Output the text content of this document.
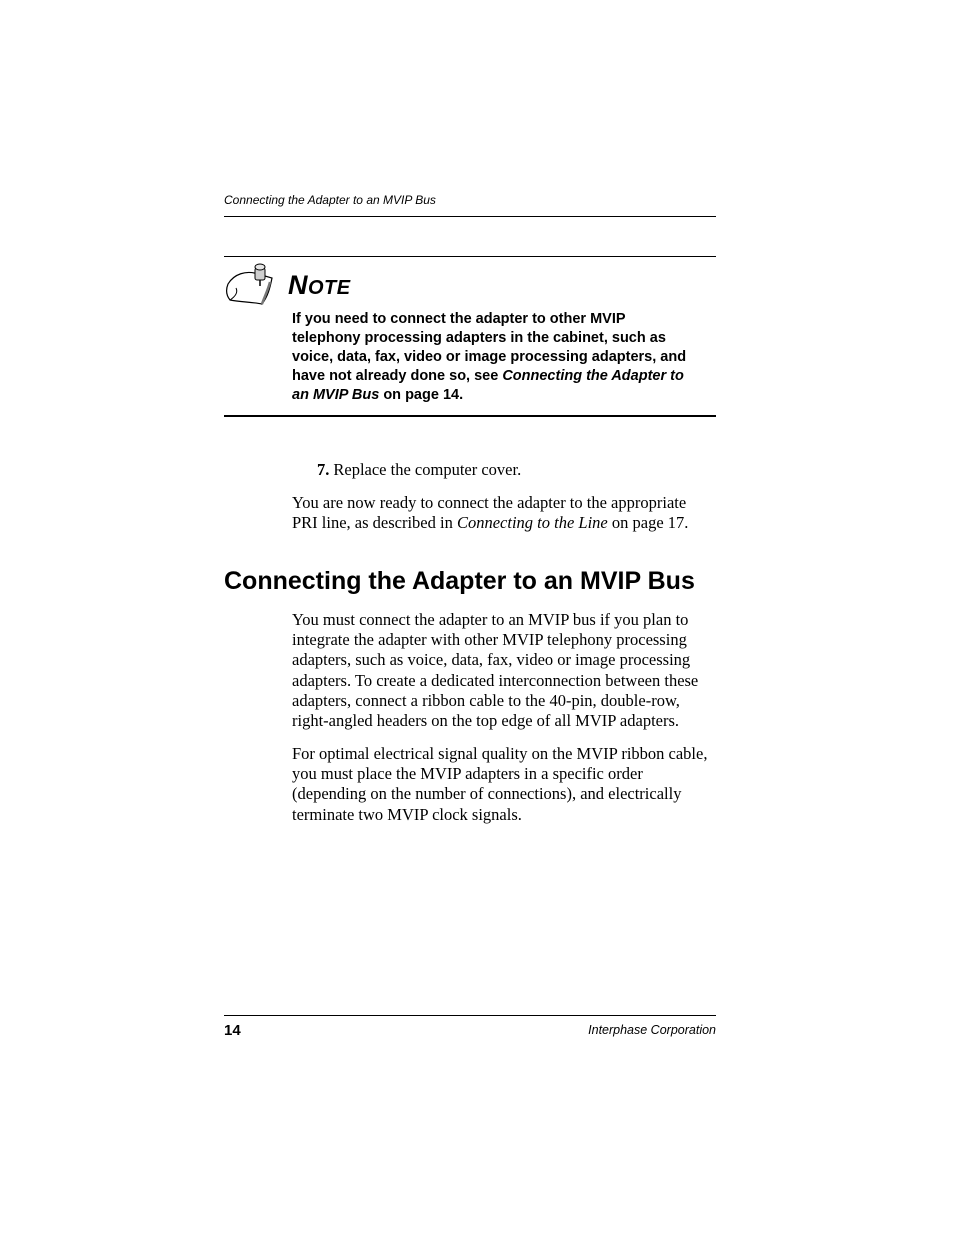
Connecting the Adapter to an MVIP Bus
NOTE
If you need to connect the adapter to other MVIP
telephony processing adapters in the cabinet, such as
voice, data, fax, video or image processing adapters, and
have not already done so, see Connecting the Adapter to
an MVIP Bus on page 14.
7. Replace the computer cover.
You are now ready to connect the adapter to the appropriate
PRI line, as described in Connecting to the Line on page 17.
Connecting the Adapter to an MVIP Bus
You must connect the adapter to an MVIP bus if you plan to
integrate the adapter with other MVIP telephony processing
adapters, such as voice, data, fax, video or image processing
adapters. To create a dedicated interconnection between these
adapters, connect a ribbon cable to the 40-pin, double-row,
right-angled headers on the top edge of all MVIP adapters.
For optimal electrical signal quality on the MVIP ribbon cable,
you must place the MVIP adapters in a specific order
(depending on the number of connections), and electrically
terminate two MVIP clock signals.
14	Interphase Corporation
